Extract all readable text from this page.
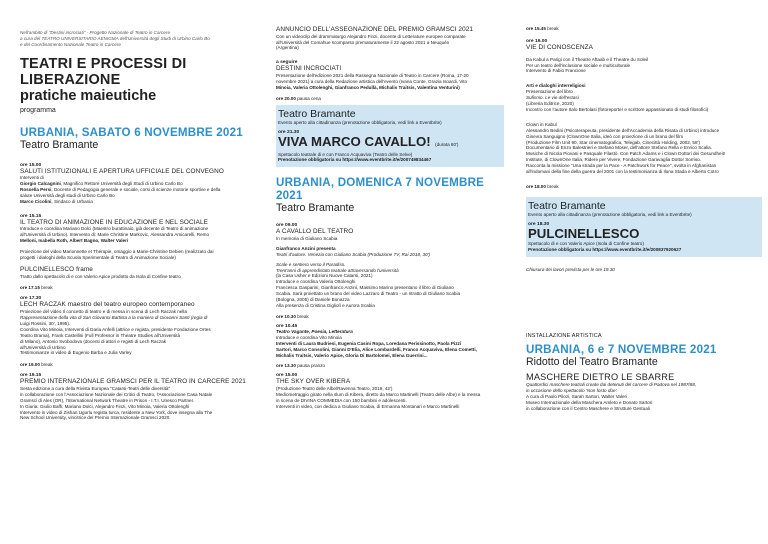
Nell'ambito di "Destini incrociati" - Progetto Nazionale di Teatro in Carcere

a cura del TEATRO UNIVERSITARIO AENIGMA dell'Università degli Studi di Urbino Carlo Bo

e del Coordinamento Nazionale Teatro in Carcere

TEATRI E PROCESSI DI LIBERAZIONE

pratiche maieutiche

programma

URBANIA, SABATO 6 NOVEMBRE 2021

Teatro Bramante

ore 15.00

SALUTI ISTITUZIONALI E APERTURA UFFICIALE DEL CONVEGNO

Interventi di

Giorgio Calcagnini, Magnifico Rettore Università degli Studi di Urbino Carlo Bo

Rossella Persi, Docente di Pedagogia generale e sociale, corsi di scienze motorie sportive e della

salute Università degli studi di Urbino Carlo Bo

Marco Cicolini, Sindaco di Urbania

ore 15.15

IL TEATRO DI ANIMAZIONE IN EDUCAZIONE E NEL SOCIALE

Introduce e coordina Mariano Dolci (Maestro burattinaio, già docente di Teatro di animazione

all'Università di Urbino). Intervento di: Marie Christine Markovic, Alessandra Amicarelli, Remo

Melloni, Isabella Roth, Albert Bagno, Walter Valeri

Proiezione del video Marionnette et Thérapie, omaggio a Marie-Christine Debien (realizzato dai

progetti i dialoghi della Scuola Sperimentale di Teatro di Animazione Sociale)

PULCINELLESCO frame

Tratto dallo spettacolo di e con Valerio Apice prodotto da Isola di Confine teatro

ore 17.15 break

ore 17.30

LECH RACZAK maestro del teatro europeo contemporaneo

Proiezione del video Il concetto di teatro e di messa in scena di Lech Raczak nella

Rappresentazione della vita di San Giovanni Battista a la maniera di Giovanni Santi (regia di

Luigi Rossini, 30', 1995).

Coordina Vito Minoia, Interventi di Daria Anfelli (attrice e regista, presidente Fondazione Ortes

Teatro Brama), Frank Castellini (Full Professor in Theatre Studies all'Università

di Milano), Antonio Svobodova (docenti di attori e registi di Lech Raczak

all'Università di Urbino

Testimonianze in video di Eugenio Barba e Julia Varley

ore 19.00 break

ore 19.15

PREMIO INTERNAZIONALE GRAMSCI PER IL TEATRO IN CARCERE 2021

Sesta edizione a cura della Rivista Europea "Catarsi-Teatri delle diversità"

in collaborazione con l'Associazione Nazionale dei Critici di Teatro, l'Associazione Casa Natale

Gramsci di Ales (OR), l'International Network Theatre in Prison - I.T.I. Unesco Partner.

In Giuria: Giulio Baffi, Mariano Dolci, Alejandro Finzi, Vito Minoia, Valeria Ottolenghi

Intervento in video di Zishan Ugurlu regista turca, residente a New York, dove insegna alla The

New School University, vincitrice del Premio Internazionale Gramsci 2020.

ANNUNCIO DELL'ASSEGNAZIONE DEL PREMIO GRAMSCI 2021

Con un videoclip del drammaturgo Alejandro Finzi, docente di Letterature europee comparate

all'Università del Comahue scomparso prematuramente il 22 agosto 2021 a Neuquén

(Argentina)

a seguire

DESTINI INCROCIATI

Presentazione dell'edizione 2021 della Rassegna Nazionale di Teatro in Carcere (Roma, 17-20

novembre 2021) a cura della Redazione artistica dell'evento (Ivana Conte, Grazia Isoardi, Vito

Minoia, Valeria Ottolenghi, Gianfranco Pedullà, Michalis Traitsis, Valentina Venturini)

ore 20.00 pausa cena

Teatro Bramante

Evento aperto alla cittadinanza (prenotazione obbligatoria, vedi link a Eventbrite)

ore 21.30

VIVA MARCO CAVALLO! (durata 60')

Spettacolo teatrale di e con Franco Acquaviva (Teatro delle Selve)

Prenotazione obbligatoria su https://www.eventbrite.it/e/200749834467

URBANIA, DOMENICA 7 NOVEMBRE 2021

Teatro Bramante

ore 09.00

A CAVALLO DEL TEATRO

In memoria di Giuliano Scabia

Gianfranco Anzini presenta

Teatri d'autore. Venezia con Giuliano Scabia (Produzione TV, Rai 2018, 30')

Scale e sentiero verso il Paradiso.

Trent'anni di apprendistato teatrale attraversando l'università

(la Casa Usher e Edizioni Nuove Catarsi, 2021)

Introduce e coordina Valeria Ottolenghi

Francesca Gasparini, Gianfranco Anzini, Massimo Marino presentano il libro di Giuliano

Scabia. Sarà proiettato un brano del video Lazzaro di Teatro - un ritratto di Giuliano Scabia

(Bologna, 2005) di Daniele Bonazza

Alla presenza di Cristina Gigliolì e Aurora Scabia

ore 10.30 break

ore 10.45

Teatro Vagante, Poesia, Letteratura

Introduce e coordina Vito Minoia

Interventi di Laura Budriesi, Eugenia Casini Ropa, Loredana Perissinotto, Paola Pizzi

Sartori, Marco Consolini, Gianni D'Elia, Alice Lombardelli, Franco Acquaviva, Elena Cometti,

Michalis Traitsis, Valerio Apice, Gloria Di Bartolomei, Elena Guerrini...

ore 13.30 pausa pranzo

ore 15.00

THE SKY OVER KIBERA

(Produzione Teatro delle Albe/Ravenna Teatro, 2019, 42')

Mediometraggio girato nella slum di Kibera, diretto da Marco Martinelli (Teatro delle Albe) e la messa

in scena de DIVINA COMMEDIA con 150 bambini e adolescenti.

Interventi in video, con dedica a Giuliano Scabia, di Ermanna Montanari e Marco Martinelli

ore 15.45 break

ore 16.00

VIE DI CONOSCENZA

Da Kabul a Parigi con il Theatre Aftaab e il Theatre du Soleil

Per un teatro dell'inclusione sociale e multiculturale

Intervento di Fabio Francione

Arti e dialoghi interreligiosi

Presentazione del libro

Sufismo. Le vie dell'estasi

(Libreria Editrice, 2020)

Incontro con l'autore Italo Bertolasi (fotoreporter e scrittore appassionato di studi filosofici)

Clown in Kabul

Alessandro Bedini (Psicoterapeuta, presidente dell'Accademia della Risata di Urbino) introduce

Ginevra Sanguigno (ClownOne Italia, ideò con proiezione di un brano del film

(Produzione Film Unit 90, Star cinematografica, Telegab, Cinecittà Holding, 2002, 58')

Documentario di Enzo Balestrieri e Stefano Moser, dell'attore Stefano Rella e Enrico Scalia.

Musiche di Nicola Piovani e Pasquale Filastò. Con Patch Adams e i Clown Dottori dei Gesundheit!

Institute, di ClownOne Italia, Ridere per Vivere, Fondazione Garavaglia Dottor Sorriso.

Racconta la missione "Una strada per la Pace - A Patchwork for Peace", svolta in Afghanistan

all'indomani della fine della guerra del 2001 con la testimonianza di Ilona Stada e Alberto Cotro

ore 18.00 break

Teatro Bramante

Evento aperto alla cittadinanza (prenotazione obbligatoria, vedi link a Eventbrite)

ore 18.30

PULCINELLESCO

Spettacolo di e con Valerio Apice (Isola di Confine teatro)

Prenotazione obbligatoria su https://www.eventbrite.it/e/200837920627

Chiusura dei lavori prevista per le ore 19.30

INSTALLAZIONE ARTISTICA

URBANIA, 6 e 7 NOVEMBRE 2021

Ridotto del Teatro Bramante

MASCHERE DIETRO LE SBARRE

Quattordici maschere teatrali create dai detenuti del carcere di Padova nel 1987/88,

in occasione dello spettacolo 'Non fosto dùe'.

A cura di Paolo Pilozi, Sarah Sartori, Walter Valeri

Museo Internazionale della Maschera Amleto e Donato Sartori

in collaborazione con il Centro Maschere e Strutture Gestuali
